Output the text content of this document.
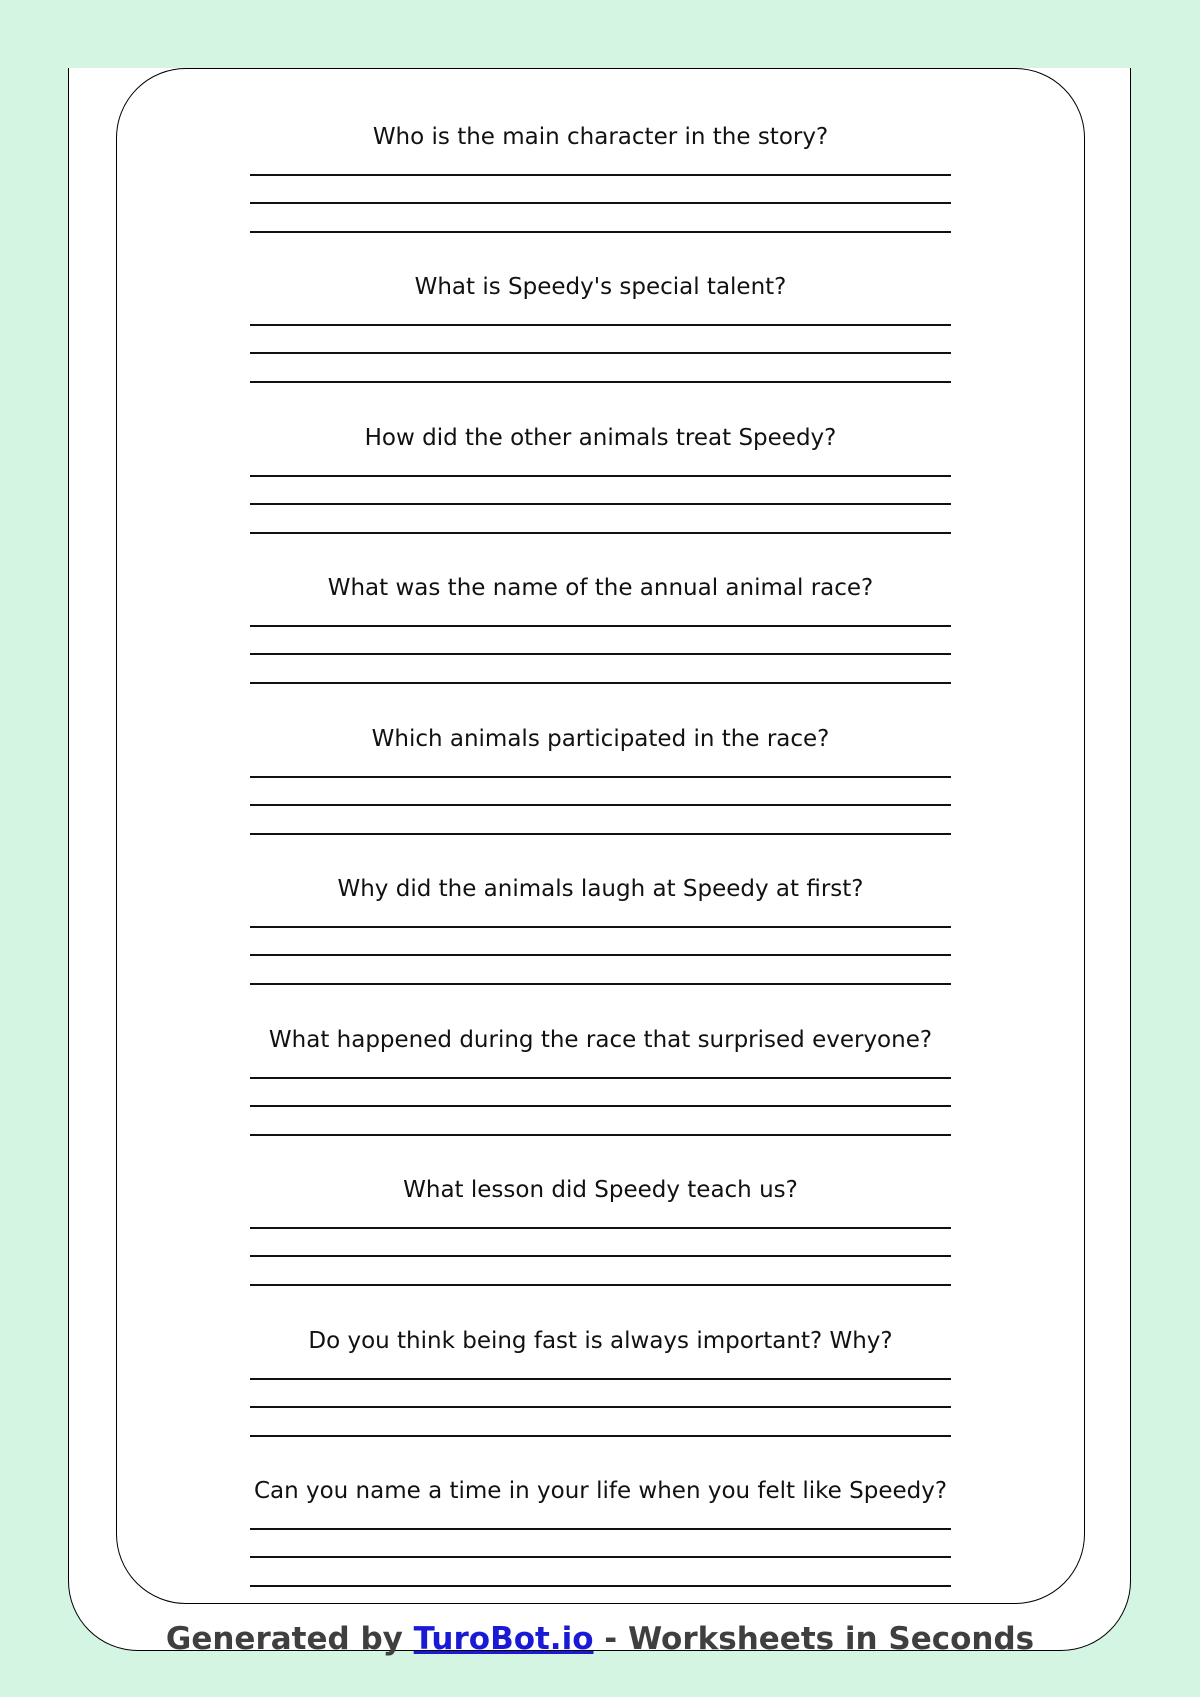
Who is the main character in the story?
What is Speedy's special talent?
How did the other animals treat Speedy?
What was the name of the annual animal race?
Which animals participated in the race?
Why did the animals laugh at Speedy at first?
What happened during the race that surprised everyone?
What lesson did Speedy teach us?
Do you think being fast is always important? Why?
Can you name a time in your life when you felt like Speedy?
Generated by TuroBot.io - Worksheets in Seconds
